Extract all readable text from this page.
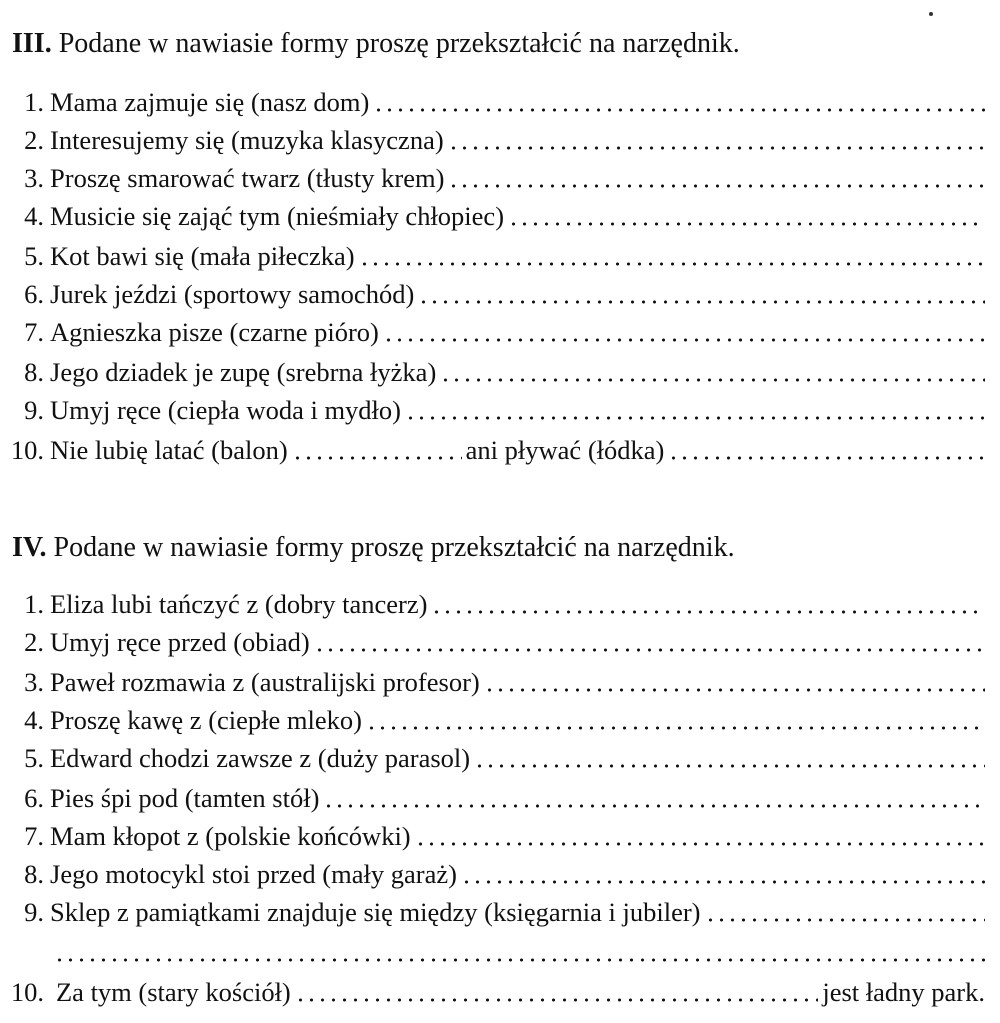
III. Podane w nawiasie formy proszę przekształcić na narzędnik.
1. Mama zajmuje się (nasz dom)
2. Interesujemy się (muzyka klasyczna)
3. Proszę smarować twarz (tłusty krem)
4. Musicie się zająć tym (nieśmiały chłopiec)
5. Kot bawi się (mała piłeczka)
6. Jurek jeździ (sportowy samochód)
7. Agnieszka pisze (czarne pióro)
8. Jego dziadek je zupę (srebrna łyżka)
9. Umyj ręce (ciepła woda i mydło)
10. Nie lubię latać (balon)	ani pływać (łódka)
IV. Podane w nawiasie formy proszę przekształcić na narzędnik.
1. Eliza lubi tańczyć z (dobry tancerz)
2. Umyj ręce przed (obiad)
3. Paweł rozmawia z (australijski profesor)
4. Proszę kawę z (ciepłe mleko)
5. Edward chodzi zawsze z (duży parasol)
6. Pies śpi pod (tamten stół)
7. Mam kłopot z (polskie końcówki)
8. Jego motocykl stoi przed (mały garaż)
9. Sklep z pamiątkami znajduje się między (księgarnia i jubiler)
10. Za tym (stary kościół)	jest ładny park.
